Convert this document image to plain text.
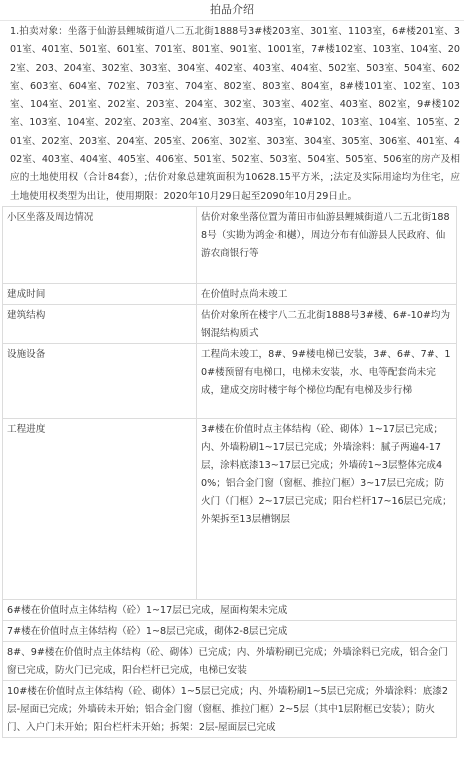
拍品介绍
1.拍卖对象：坐落于仙游县鲤城街道八二五北街1888号3#楼203室、301室、1103室，6#楼201室、301室、401室、501室、601室、701室、801室、901室、1001室，7#楼102室、103室、104室、202室、203、204室、302室、303室、304室、402室、403室、404室、502室、503室、504室、602室、603室、604室、702室、703室、704室、802室、803室、804室，8#楼101室、102室、103室、104室、201室、202室、203室、204室、302室、303室、402室、403室、802室，9#楼102室、103室、104室、202室、203室、204室、303室、403室，10#102、103室、104室、105室、201室、202室、203室、204室、205室、206室、302室、303室、304室、305室、306室、401室、402室、403室、404室、405室、406室、501室、502室、503室、504室、505室、506室的房产及相应的土地使用权（合计84套），;估价对象总建筑面积为10628.15平方米，;法定及实际用途均为住宅，应土地使用权类型为出让，使用期限：2020年10月29日起至2090年10月29日止。
小区坐落及周边情况	估价对象坐落位置为莆田市仙游县鲤城街道八二五北街1888号（实勘为鸿金·和樾），周边分布有仙游县人民政府、仙游农商银行等
建成时间	在价值时点尚未竣工
建筑结构	估价对象所在楼宇八二五北街1888号3#楼、6#-10#均为钢混结构质式
设施设备	工程尚未竣工，8#、9#楼电梯已安装，3#、6#、7#、10#楼预留有电梯口，电梯未安装，水、电等配套尚未完成，建成交房时楼宇每个梯位均配有电梯及步行梯
工程进度	3#楼在价值时点主体结构（砼、砌体）1~17层已完成；内、外墙粉刷1~17层已完成；外墙涂料：腻子两遍4-17层，涂料底漆13~17层已完成；外墙砖1~3层整体完成40%；铝合金门窗（窗框、推拉门框）3~17层已完成；防火门（门框）2~17层已完成；阳台栏杆17~16层已完成；外架拆至13层槽钢层
6#楼在价值时点主体结构（砼）1~17层已完成，屋面构架未完成	
7#楼在价值时点主体结构（砼）1~8层已完成，砌体2-8层已完成	
8#、9#楼在价值时点主体结构（砼、砌体）已完成；内、外墙粉刷已完成；外墙涂料已完成，铝合金门窗已完成，防火门已完成，阳台栏杆已完成，电梯已安装	
10#楼在价值时点主体结构（砼、砌体）1~5层已完成；内、外墙粉刷1~5层已完成；外墙涂料：底漆2层-屋面已完成；外墙砖未开始；铝合金门窗（窗框、推拉门框）2~5层（其中1层附框已安装）；防火门、入户门未开始；阳台栏杆未开始；拆架：2层-屋面层已完成	
